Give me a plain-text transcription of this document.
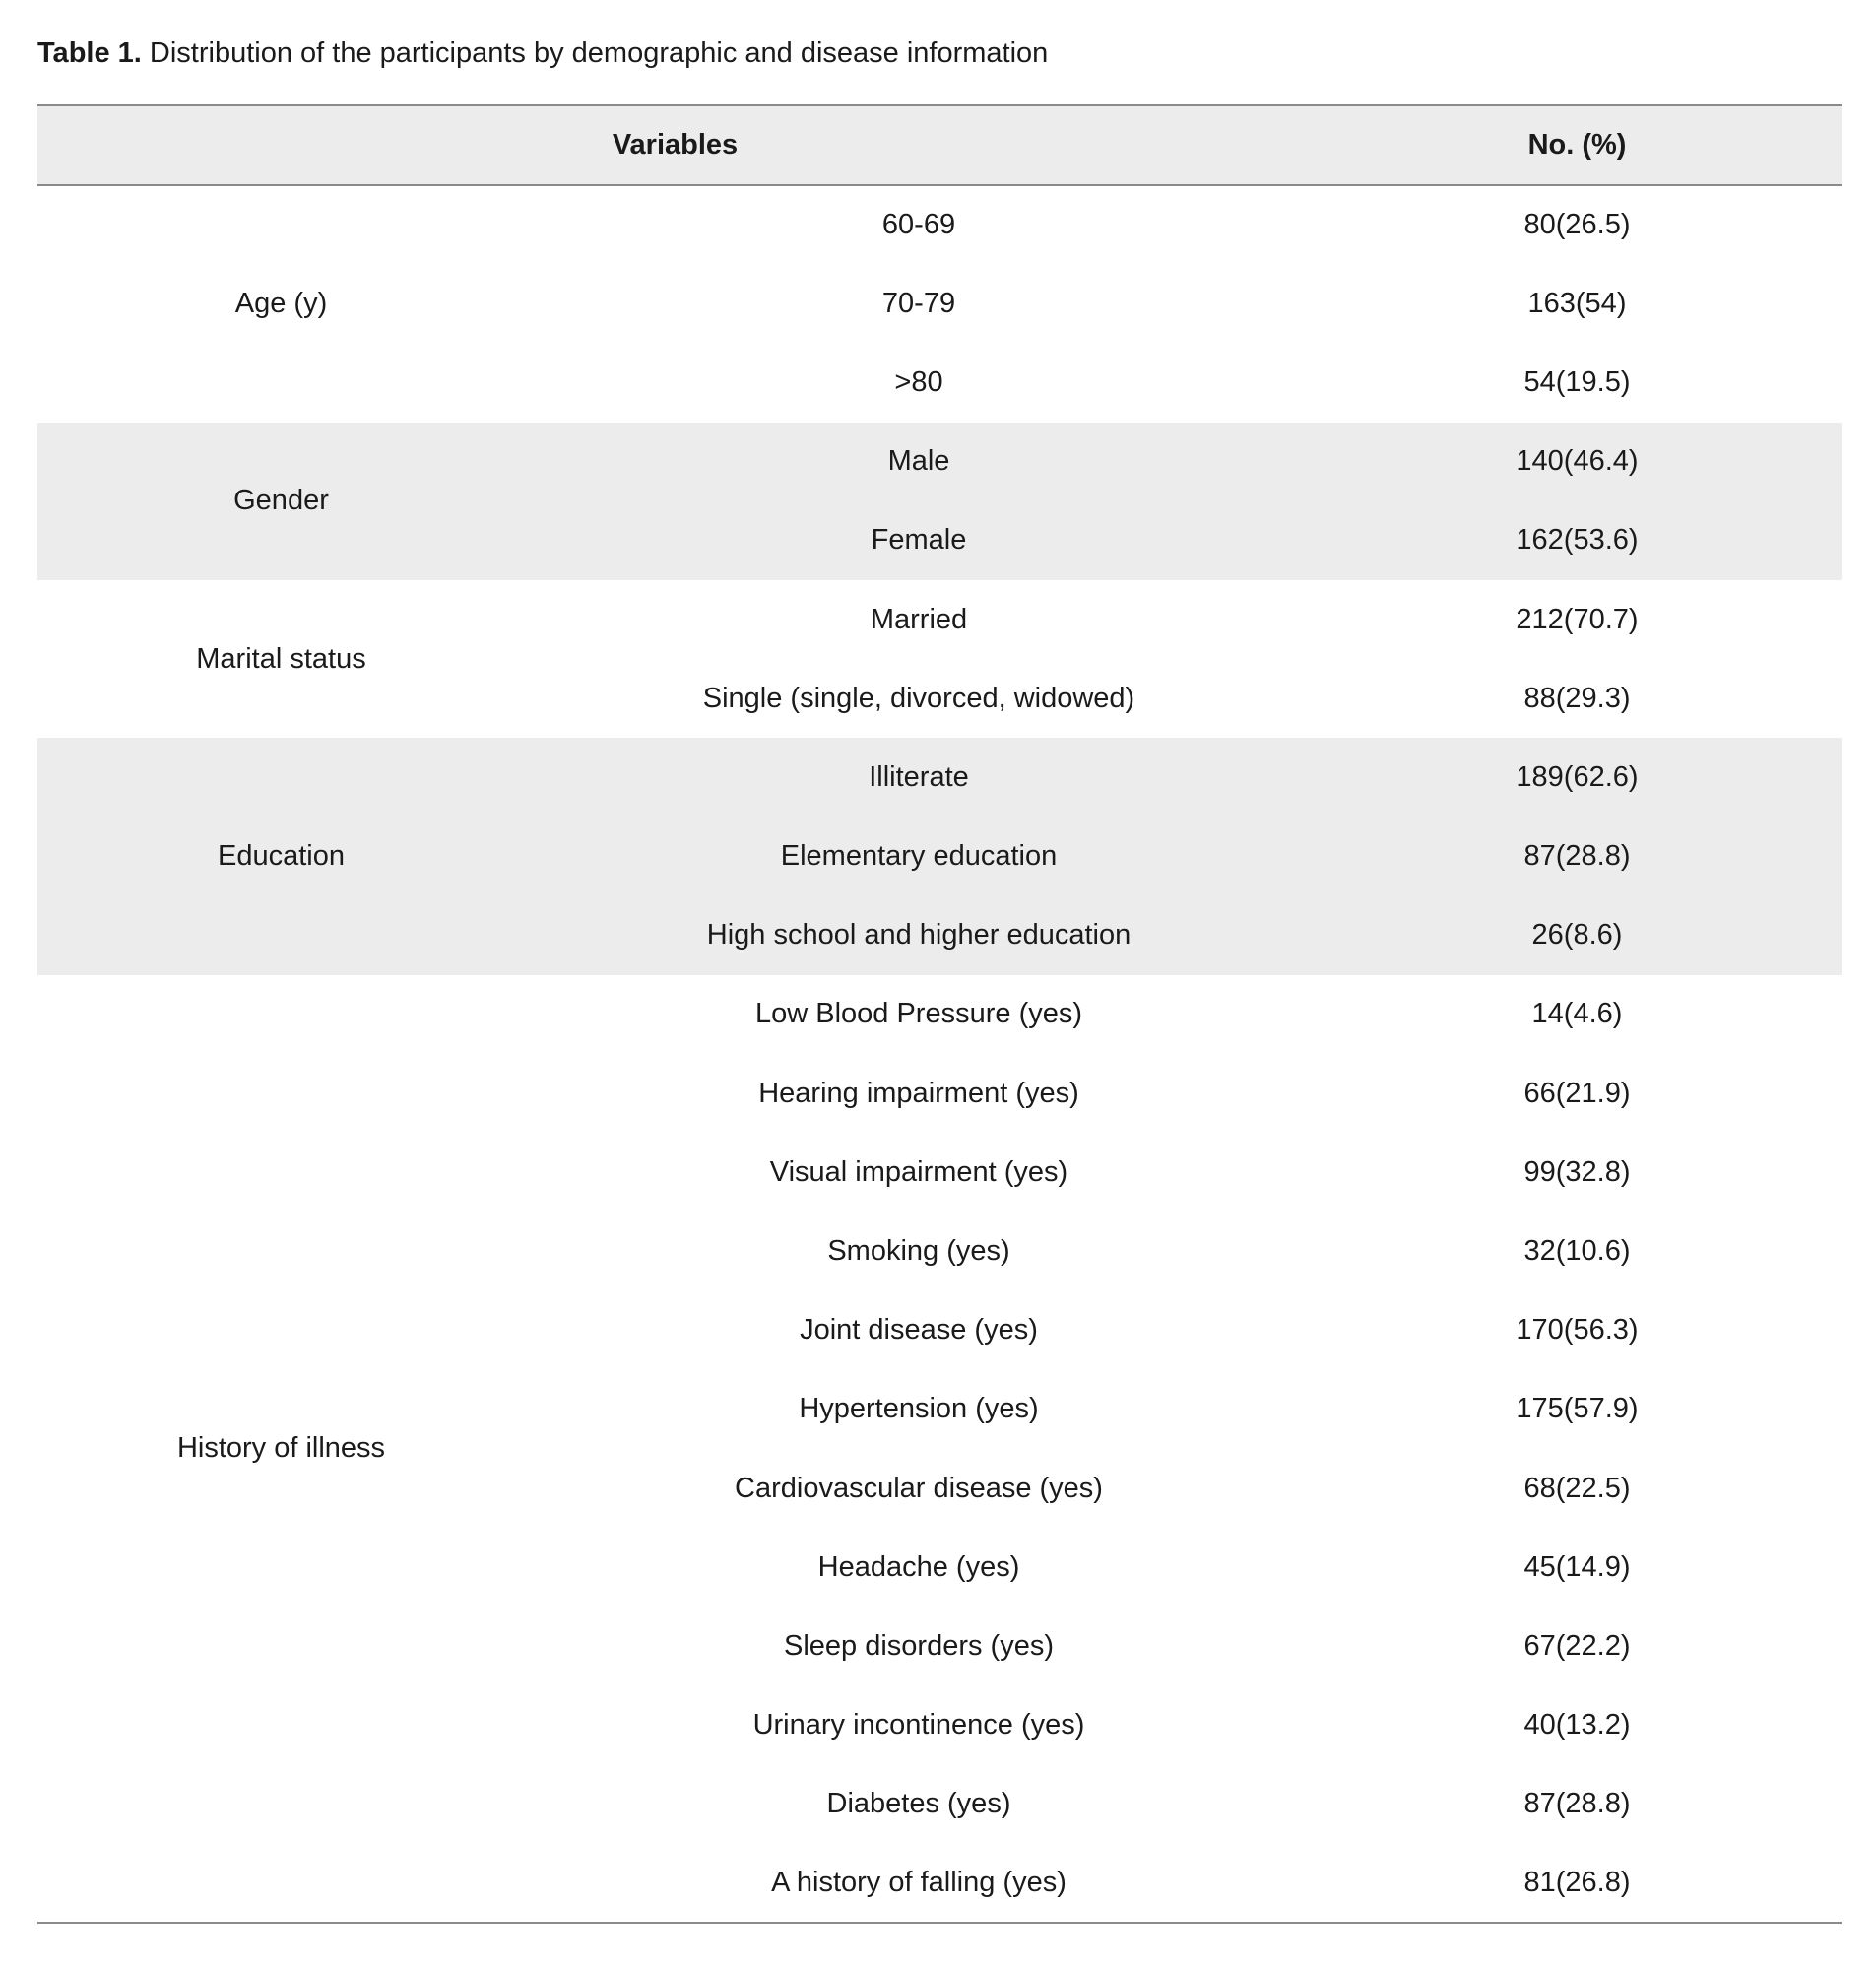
Table 1. Distribution of the participants by demographic and disease information
Variables		No. (%)
Age (y)	60-69	80(26.5)
	70-79	163(54)
	>80	54(19.5)
Gender	Male	140(46.4)
	Female	162(53.6)
Marital status	Married	212(70.7)
	Single (single, divorced, widowed)	88(29.3)
Education	Illiterate	189(62.6)
	Elementary education	87(28.8)
	High school and higher education	26(8.6)
History of illness	Low Blood Pressure (yes)	14(4.6)
	Hearing impairment (yes)	66(21.9)
	Visual impairment (yes)	99(32.8)
	Smoking (yes)	32(10.6)
	Joint disease (yes)	170(56.3)
	Hypertension (yes)	175(57.9)
	Cardiovascular disease (yes)	68(22.5)
	Headache (yes)	45(14.9)
	Sleep disorders (yes)	67(22.2)
	Urinary incontinence (yes)	40(13.2)
	Diabetes (yes)	87(28.8)
	A history of falling (yes)	81(26.8)
